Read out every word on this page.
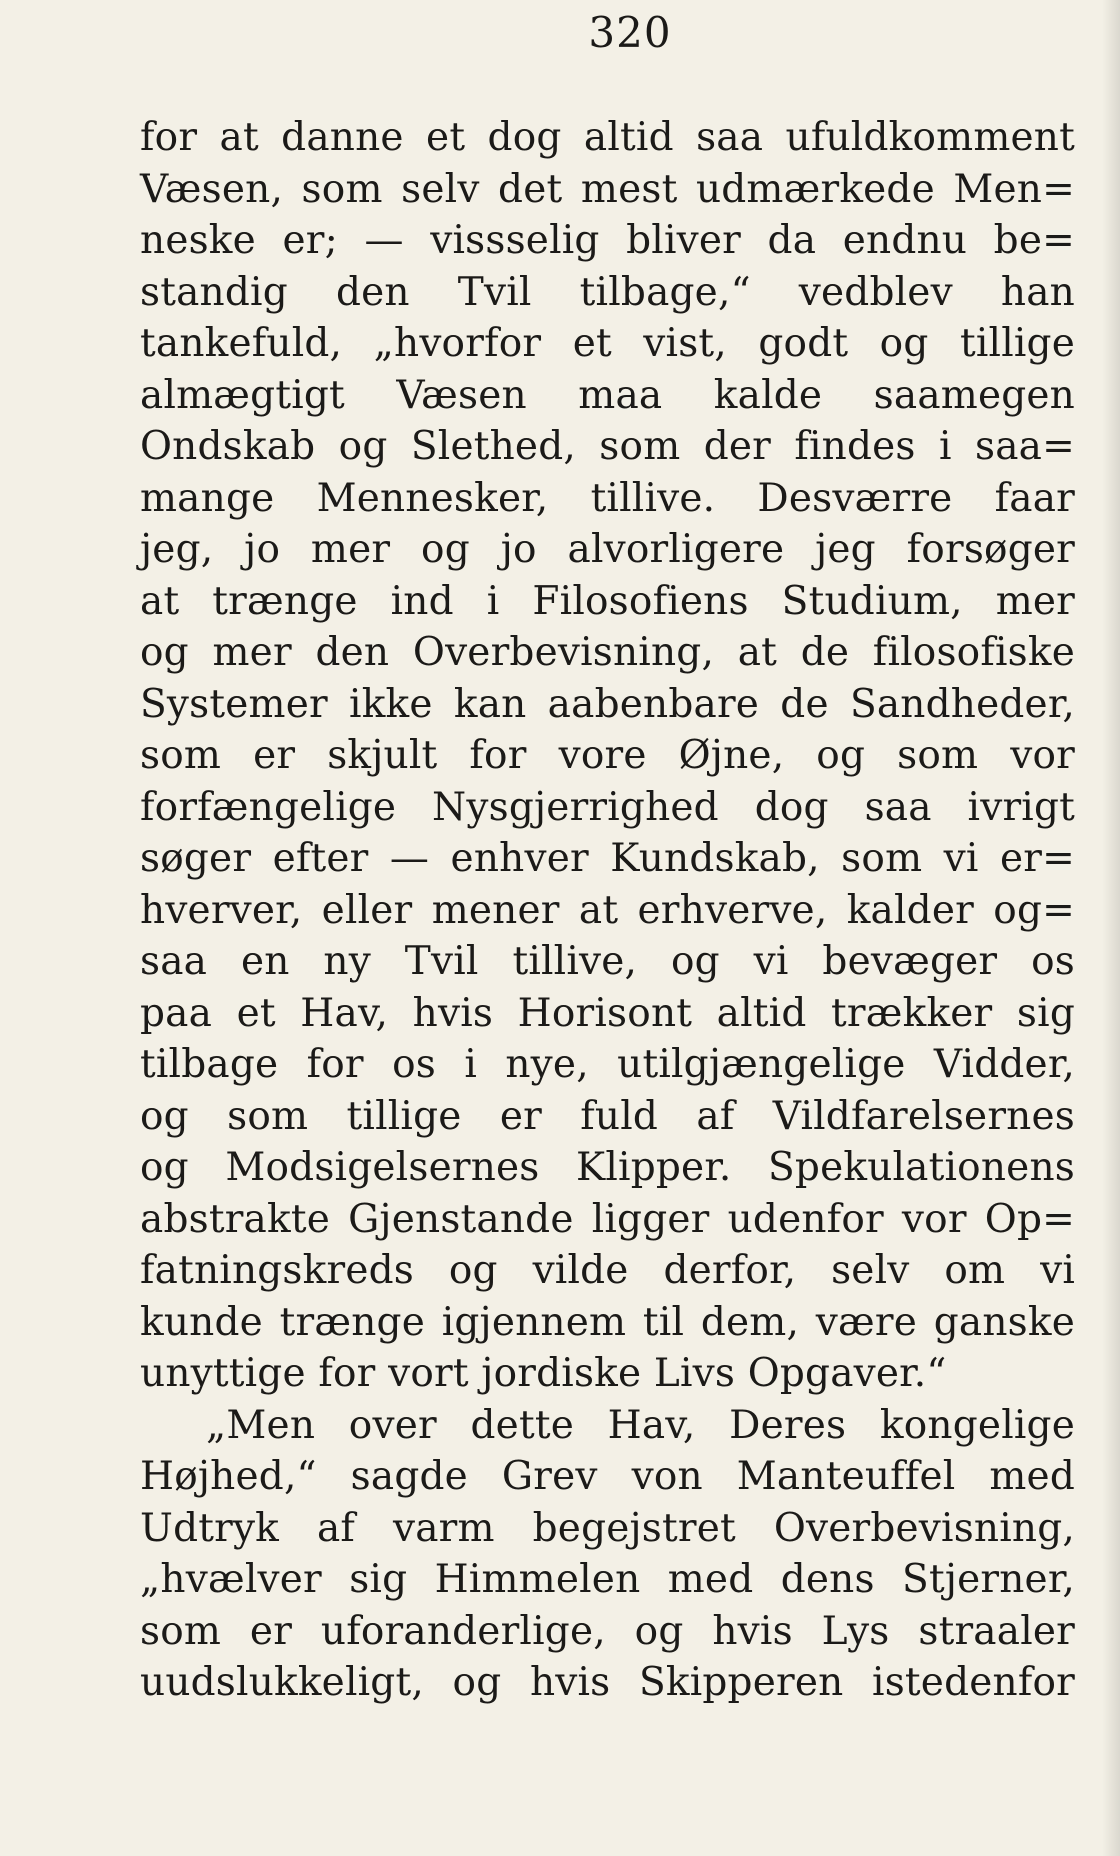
320
for at danne et dog altid saa ufuldkomment
Væsen, som selv det mest udmærkede Men=
neske er; — vissselig bliver da endnu be=
standig den Tvil tilbage,“ vedblev han
tankefuld, „hvorfor et vist, godt og tillige
almægtigt Væsen maa kalde saamegen
Ondskab og Slethed, som der findes i saa=
mange Mennesker, tillive. Desværre faar
jeg, jo mer og jo alvorligere jeg forsøger
at trænge ind i Filosofiens Studium, mer
og mer den Overbevisning, at de filosofiske
Systemer ikke kan aabenbare de Sandheder,
som er skjult for vore Øjne, og som vor
forfængelige Nysgjerrighed dog saa ivrigt
søger efter — enhver Kundskab, som vi er=
hverver, eller mener at erhverve, kalder og=
saa en ny Tvil tillive, og vi bevæger os
paa et Hav, hvis Horisont altid trækker sig
tilbage for os i nye, utilgjængelige Vidder,
og som tillige er fuld af Vildfarelsernes
og Modsigelsernes Klipper. Spekulationens
abstrakte Gjenstande ligger udenfor vor Op=
fatningskreds og vilde derfor, selv om vi
kunde trænge igjennem til dem, være ganske
unyttige for vort jordiske Livs Opgaver.“
„Men over dette Hav, Deres kongelige
Højhed,“ sagde Grev von Manteuffel med
Udtryk af varm begejstret Overbevisning,
„hvælver sig Himmelen med dens Stjerner,
som er uforanderlige, og hvis Lys straaler
uudslukkeligt, og hvis Skipperen istedenfor
